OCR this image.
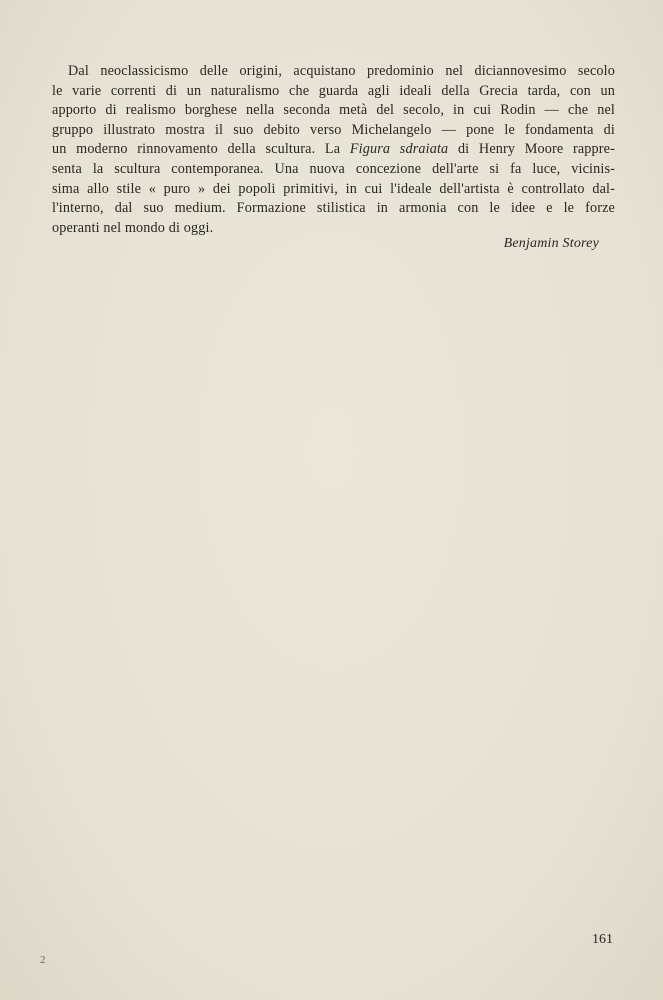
Dal neoclassicismo delle origini, acquistano predominio nel diciannovesimo secolo
le varie correnti di un naturalismo che guarda agli ideali della Grecia tarda, con un
apporto di realismo borghese nella seconda metà del secolo, in cui Rodin — che nel
gruppo illustrato mostra il suo debito verso Michelangelo — pone le fondamenta di
un moderno rinnovamento della scultura. La Figura sdraiata di Henry Moore rappre-
senta la scultura contemporanea. Una nuova concezione dell'arte si fa luce, vicinis-
sima allo stile « puro » dei popoli primitivi, in cui l'ideale dell'artista è controllato dal-
l'interno, dal suo medium. Formazione stilistica in armonia con le idee e le forze
operanti nel mondo di oggi.
Benjamin Storey
161
2
